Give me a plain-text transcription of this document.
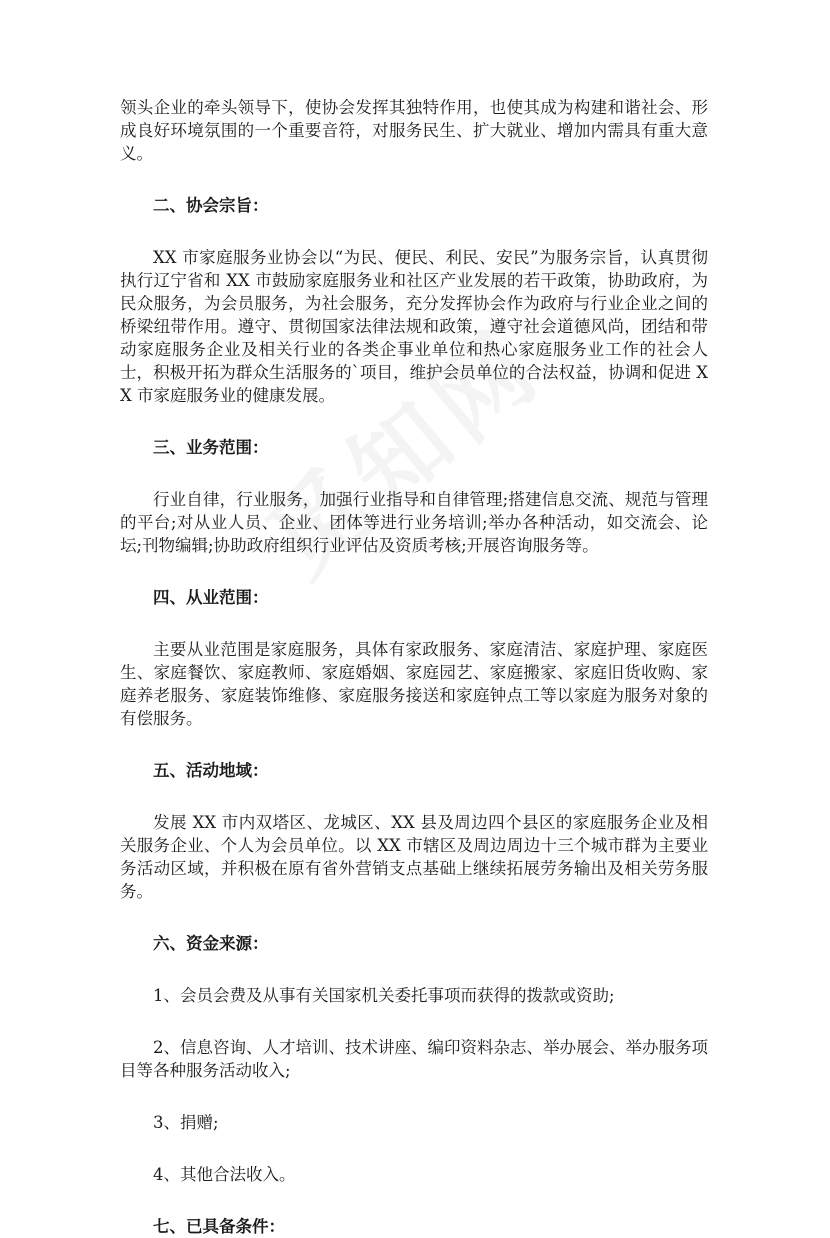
领头企业的牵头领导下，使协会发挥其独特作用，也使其成为构建和谐社会、形成良好环境氛围的一个重要音符，对服务民生、扩大就业、增加内需具有重大意义。

二、协会宗旨：

XX 市家庭服务业协会以“为民、便民、利民、安民”为服务宗旨，认真贯彻执行辽宁省和 XX 市鼓励家庭服务业和社区产业发展的若干政策，协助政府，为民众服务，为会员服务，为社会服务，充分发挥协会作为政府与行业企业之间的桥梁纽带作用。遵守、贯彻国家法律法规和政策，遵守社会道德风尚，团结和带动家庭服务企业及相关行业的各类企事业单位和热心家庭服务业工作的社会人士，积极开拓为群众生活服务的`项目，维护会员单位的合法权益，协调和促进 XX 市家庭服务业的健康发展。

三、业务范围：

行业自律，行业服务，加强行业指导和自律管理;搭建信息交流、规范与管理的平台;对从业人员、企业、团体等进行业务培训;举办各种活动，如交流会、论坛;刊物编辑;协助政府组织行业评估及资质考核;开展咨询服务等。

四、从业范围：

主要从业范围是家庭服务，具体有家政服务、家庭清洁、家庭护理、家庭医生、家庭餐饮、家庭教师、家庭婚姻、家庭园艺、家庭搬家、家庭旧货收购、家庭养老服务、家庭装饰维修、家庭服务接送和家庭钟点工等以家庭为服务对象的有偿服务。

五、活动地域：

发展 XX 市内双塔区、龙城区、XX 县及周边四个县区的家庭服务企业及相关服务企业、个人为会员单位。以 XX 市辖区及周边周边十三个城市群为主要业务活动区域，并积极在原有省外营销支点基础上继续拓展劳务输出及相关劳务服务。

六、资金来源：

1、会员会费及从事有关国家机关委托事项而获得的拨款或资助;

2、信息咨询、人才培训、技术讲座、编印资料杂志、举办展会、举办服务项目等各种服务活动收入;

3、捐赠;

4、其他合法收入。

七、已具备条件：
